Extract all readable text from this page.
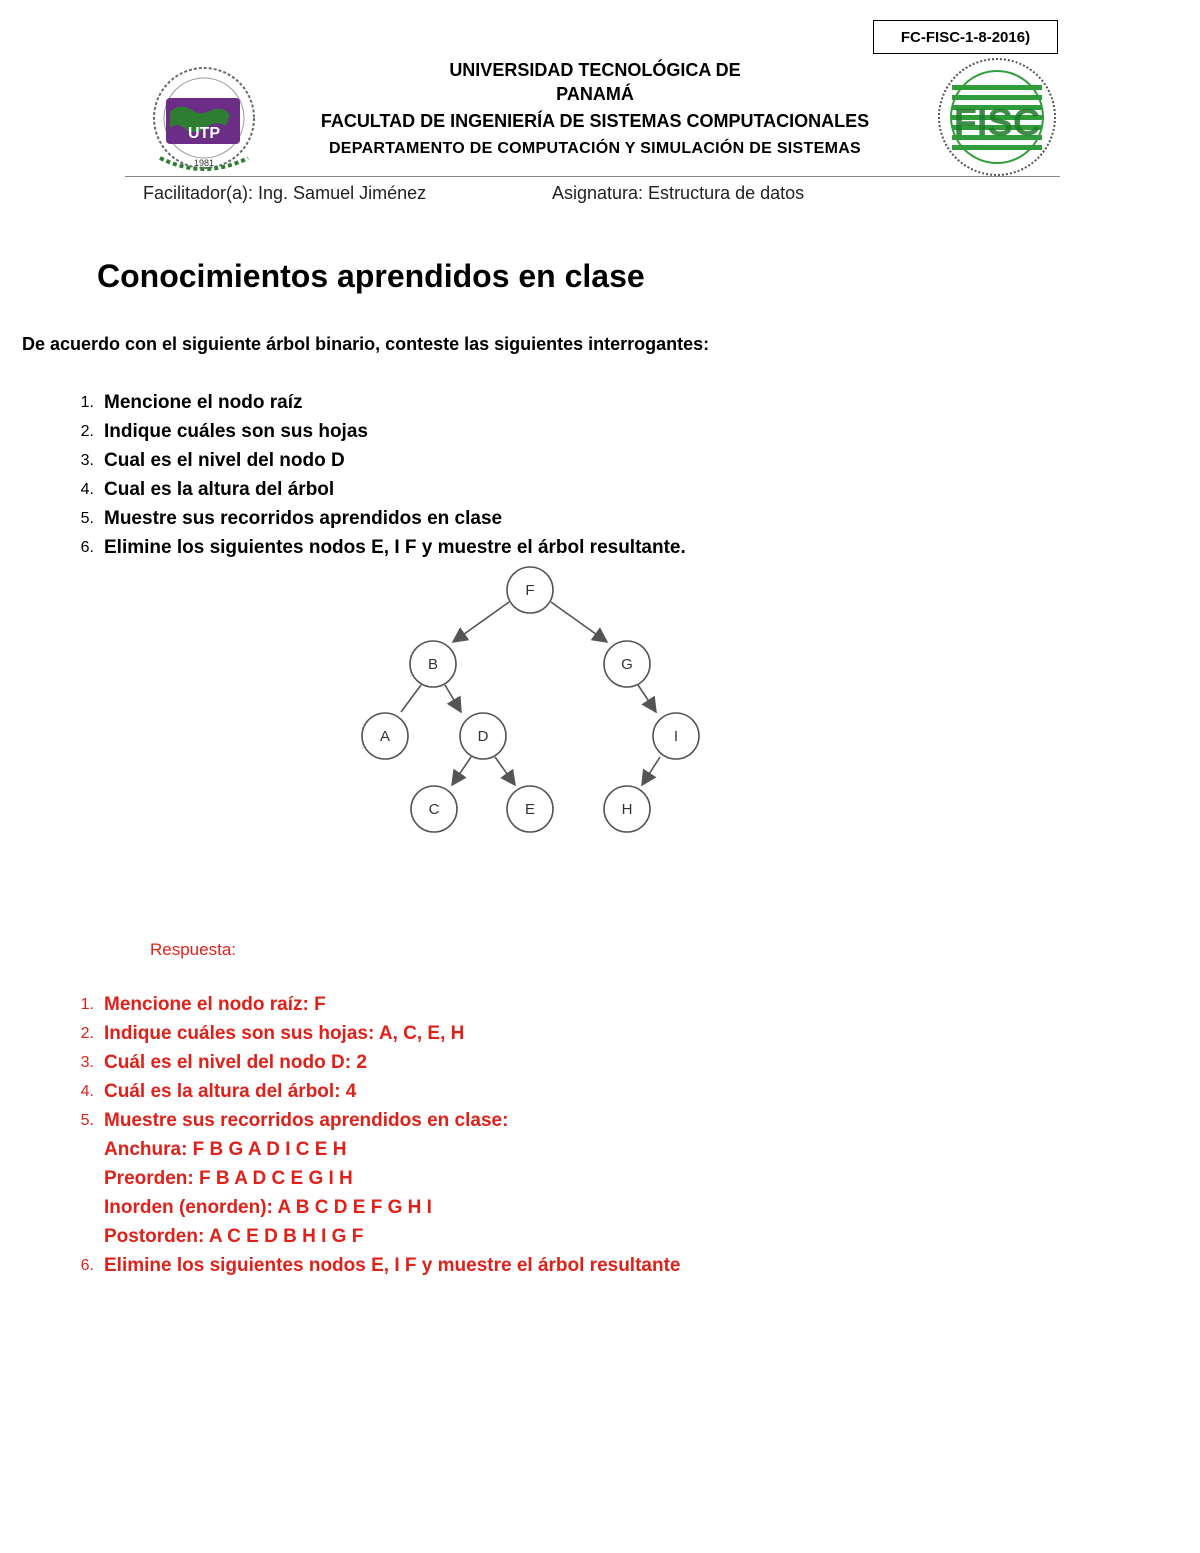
FC-FISC-1-8-2016)
UTP
1981
UNIVERSIDAD TECNOLÓGICA DE
PANAMÁ
FACULTAD DE INGENIERÍA DE SISTEMAS COMPUTACIONALES
DEPARTAMENTO DE COMPUTACIÓN Y SIMULACIÓN DE SISTEMAS
FISC
Facilitador(a): Ing. Samuel Jiménez	Asignatura: Estructura de datos
Conocimientos aprendidos en clase
De acuerdo con el siguiente árbol binario, conteste las siguientes interrogantes:
1. Mencione el nodo raíz
2. Indique cuáles son sus hojas
3. Cual es el nivel del nodo D
4. Cual es la altura del árbol
5. Muestre sus recorridos aprendidos en clase
6. Elimine los siguientes nodos E, I F y muestre el árbol resultante.
F
B	G
A	D	I
C	E	H
Respuesta:
1. Mencione el nodo raíz: F
2. Indique cuáles son sus hojas: A, C, E, H
3. Cuál es el nivel del nodo D: 2
4. Cuál es la altura del árbol: 4
5. Muestre sus recorridos aprendidos en clase:
Anchura: F B G A D I C E H
Preorden: F B A D C E G I H
Inorden (enorden): A B C D E F G H I
Postorden: A C E D B H I G F
6. Elimine los siguientes nodos E, I F y muestre el árbol resultante
